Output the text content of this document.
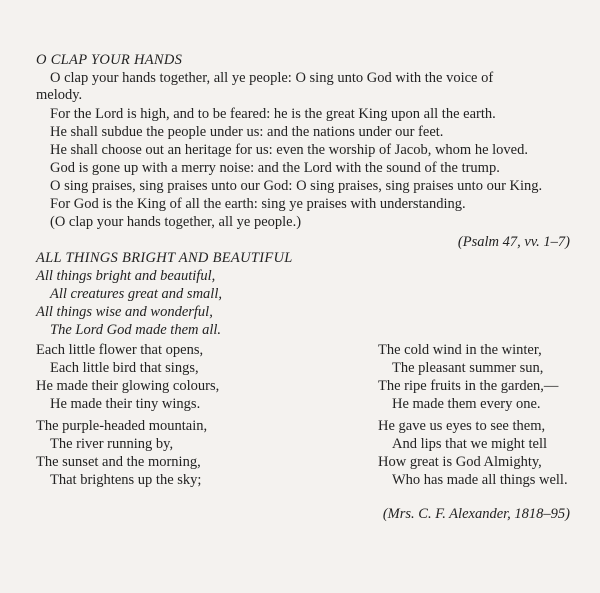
O CLAP YOUR HANDS
O clap your hands together, all ye people: O sing unto God with the voice of
melody.
For the Lord is high, and to be feared: he is the great King upon all the earth.
He shall subdue the people under us: and the nations under our feet.
He shall choose out an heritage for us: even the worship of Jacob, whom he loved.
God is gone up with a merry noise: and the Lord with the sound of the trump.
O sing praises, sing praises unto our God: O sing praises, sing praises unto our King.
For God is the King of all the earth: sing ye praises with understanding.
(O clap your hands together, all ye people.)
(Psalm 47, vv. 1–7)
ALL THINGS BRIGHT AND BEAUTIFUL
All things bright and beautiful,
All creatures great and small,
All things wise and wonderful,
The Lord God made them all.
Each little flower that opens,
Each little bird that sings,
He made their glowing colours,
He made their tiny wings.
The purple-headed mountain,
The river running by,
The sunset and the morning,
That brightens up the sky;
The cold wind in the winter,
The pleasant summer sun,
The ripe fruits in the garden,—
He made them every one.
He gave us eyes to see them,
And lips that we might tell
How great is God Almighty,
Who has made all things well.
(Mrs. C. F. Alexander, 1818–95)
